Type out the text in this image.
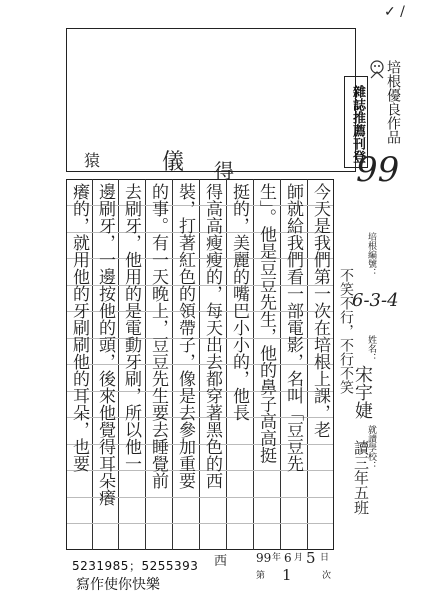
✓ /
猿	儀 得
培根優良作品
雜誌推薦刊登
99
今天是我們第一次在培根上課，老
師就給我們看一部電影，名叫「豆豆先
生」。他是豆豆先生，他的鼻子高高挺
挺的，美麗的嘴巴小小的，他長
得高高瘦瘦的，每天出去都穿著黑色的西
裝，打著紅色的領帶子，像是去參加重要
的事。有一天晚上，豆豆先生要去睡覺前
去刷牙，他用的是電動牙刷，所以他一
邊刷牙，一邊按他的頭，後來他覺得耳朵癢
癢的，就用他的牙刷刷他的耳朵，也要	培根編號：
6-3-4
不笑不行，不行不笑 姓名：
宋宇婕
就讀學校：
讀三年五班
西
5231985；5255393
寫作使你快樂
99 年 6 月 5 日
第 1	次
